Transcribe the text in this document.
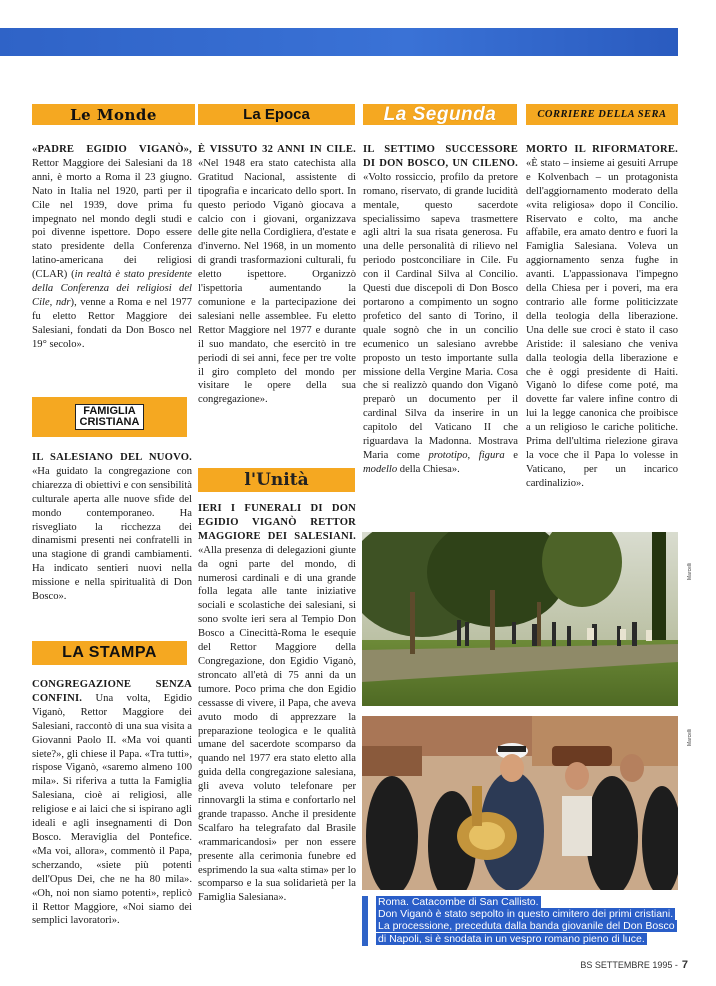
Le Monde	La Epoca	La Segunda	CORRIERE DELLA SERA

«PADRE EGIDIO VIGANÒ», Rettor Maggiore dei Salesiani da 18 anni, è morto a Roma il 23 giugno. Nato in Italia nel 1920, partì per il Cile nel 1939, dove prima fu impegnato nel mondo degli studi e poi divenne ispettore. Dopo essere stato presidente della Conferenza latino-americana dei religiosi (CLAR) (in realtà è stato presidente della Conferenza dei religiosi del Cile, ndr), venne a Roma e nel 1977 fu eletto Rettor Maggiore dei Salesiani, fondati da Don Bosco nel 19° secolo».

FAMIGLIA
CRISTIANA

IL SALESIANO DEL NUOVO. «Ha guidato la congregazione con chiarezza di obiettivi e con sensibilità culturale aperta alle nuove sfide del mondo contemporaneo. Ha risvegliato la ricchezza dei dinamismi presenti nei confratelli in una stagione di grandi cambiamenti. Ha indicato sentieri nuovi nella missione e nella spiritualità di Don Bosco».

LA STAMPA

CONGREGAZIONE SENZA CONFINI. Una volta, Egidio Viganò, Rettor Maggiore dei Salesiani, raccontò di una sua visita a Giovanni Paolo II. «Ma voi quanti siete?», gli chiese il Papa. «Tra tutti», rispose Viganò, «saremo almeno 100 mila». Si riferiva a tutta la Famiglia Salesiana, cioè ai religiosi, alle religiose e ai laici che si ispirano agli ideali e agli insegnamenti di Don Bosco. Meraviglia del Pontefice. «Ma voi, allora», commentò il Papa, scherzando, «siete più potenti dell'Opus Dei, che ne ha 80 mila». «Oh, noi non siamo potenti», replicò il Rettor Maggiore, «Noi siamo dei semplici lavoratori».

È VISSUTO 32 ANNI IN CILE. «Nel 1948 era stato catechista alla Gratitud Nacional, assistente di tipografia e incaricato dello sport. In questo periodo Viganò giocava a calcio con i giovani, organizzava delle gite nella Cordigliera, d'estate e d'inverno. Nel 1968, in un momento di grandi trasformazioni culturali, fu eletto ispettore. Organizzò l'ispettoria aumentando la comunione e la partecipazione dei salesiani nelle assemblee. Fu eletto Rettor Maggiore nel 1977 e durante il suo mandato, che esercitò in tre periodi di sei anni, fece per tre volte il giro completo del mondo per visitare le opere della sua congregazione».

l'Unità

IERI I FUNERALI DI DON EGIDIO VIGANÒ RETTOR MAGGIORE DEI SALESIANI. «Alla presenza di delegazioni giunte da ogni parte del mondo, di numerosi cardinali e di una grande folla legata alle tante iniziative sociali e scolastiche dei salesiani, si sono svolte ieri sera al Tempio Don Bosco a Cinecittà-Roma le esequie del Rettor Maggiore della Congregazione, don Egidio Viganò, stroncato all'età di 75 anni da un tumore. Poco prima che don Egidio cessasse di vivere, il Papa, che aveva avuto modo di apprezzare la preparazione teologica e le qualità umane del sacerdote scomparso da quando nel 1977 era stato eletto alla guida della congregazione salesiana, gli aveva voluto telefonare per rinnovargli la stima e confortarlo nel grande trapasso. Anche il presidente Scalfaro ha telegrafato dal Brasile «rammaricandosi» per non essere presente alla cerimonia funebre ed esprimendo la sua «alta stima» per lo scomparso e la sua solidarietà per la Famiglia Salesiana».

IL SETTIMO SUCCESSORE DI DON BOSCO, UN CILENO. «Volto rossiccio, profilo da pretore romano, riservato, di grande lucidità mentale, questo sacerdote specialissimo sapeva trasmettere agli altri la sua risata generosa. Fu una delle personalità di rilievo nel periodo postconciliare in Cile. Fu con il Cardinal Silva al Concilio. Questi due discepoli di Don Bosco portarono a compimento un sogno profetico del santo di Torino, il quale sognò che in un concilio ecumenico un salesiano avrebbe proposto un testo importante sulla missione della Vergine Maria. Cosa che si realizzò quando don Viganò preparò un documento per il cardinal Silva da inserire in un capitolo del Vaticano II che riguardava la Madonna. Mostrava Maria come prototipo, figura e modello della Chiesa».

MORTO IL RIFORMATORE. «È stato – insieme ai gesuiti Arrupe e Kolvenbach – un protagonista dell'aggiornamento moderato della «vita religiosa» dopo il Concilio. Riservato e colto, ma anche affabile, era amato dentro e fuori la Famiglia Salesiana. Voleva un aggiornamento senza fughe in avanti. L'appassionava l'impegno della Chiesa per i poveri, ma era contrario alle forme politicizzate della teologia della liberazione. Una delle sue croci è stato il caso Aristide: il salesiano che veniva dalla teologia della liberazione e che è oggi presidente di Haiti. Viganò lo difese come poté, ma dovette far valere infine contro di lui la legge canonica che proibisce a un religioso le cariche politiche. Prima dell'ultima rielezione girava la voce che il Papa lo volesse in Vaticano, per un incarico cardinalizio».

Marcelli
Marcelli
Roma. Catacombe di San Callisto.
Don Viganò è stato sepolto in questo cimitero dei primi cristiani. La processione, preceduta dalla banda giovanile del Don Bosco di Napoli, si è snodata in un vespro romano pieno di luce.
BS SETTEMBRE 1995 - 7
